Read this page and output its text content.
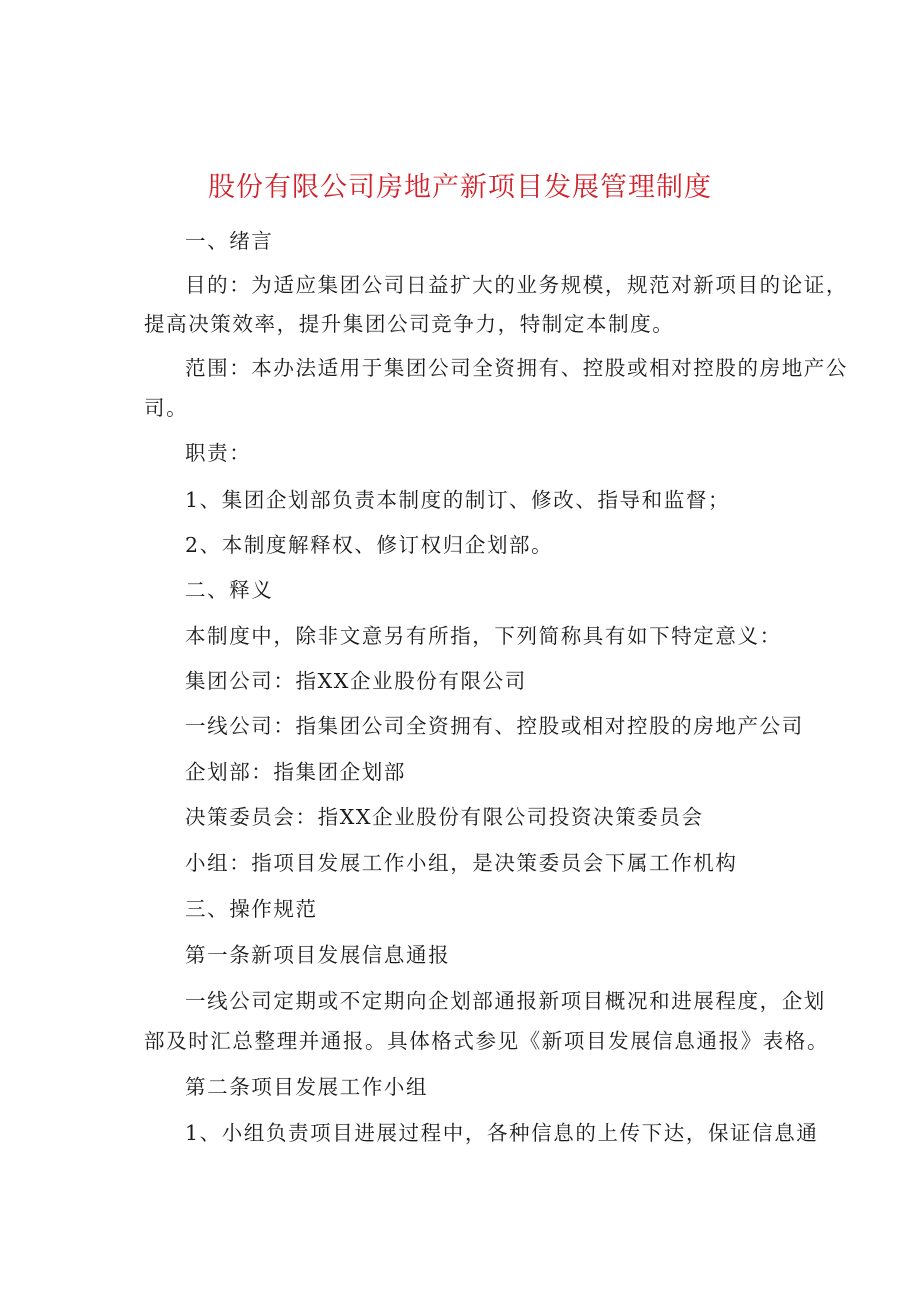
股份有限公司房地产新项目发展管理制度
一、绪言
目的：为适应集团公司日益扩大的业务规模，规范对新项目的论证，
提高决策效率，提升集团公司竞争力，特制定本制度。
范围：本办法适用于集团公司全资拥有、控股或相对控股的房地产公
司。
职责：
1、集团企划部负责本制度的制订、修改、指导和监督；
2、本制度解释权、修订权归企划部。
二、释义
本制度中，除非文意另有所指，下列简称具有如下特定意义：
集团公司：指XX企业股份有限公司
一线公司：指集团公司全资拥有、控股或相对控股的房地产公司
企划部：指集团企划部
决策委员会：指XX企业股份有限公司投资决策委员会
小组：指项目发展工作小组，是决策委员会下属工作机构
三、操作规范
第一条新项目发展信息通报
一线公司定期或不定期向企划部通报新项目概况和进展程度，企划
部及时汇总整理并通报。具体格式参见《新项目发展信息通报》表格。
第二条项目发展工作小组
1、小组负责项目进展过程中，各种信息的上传下达，保证信息通
